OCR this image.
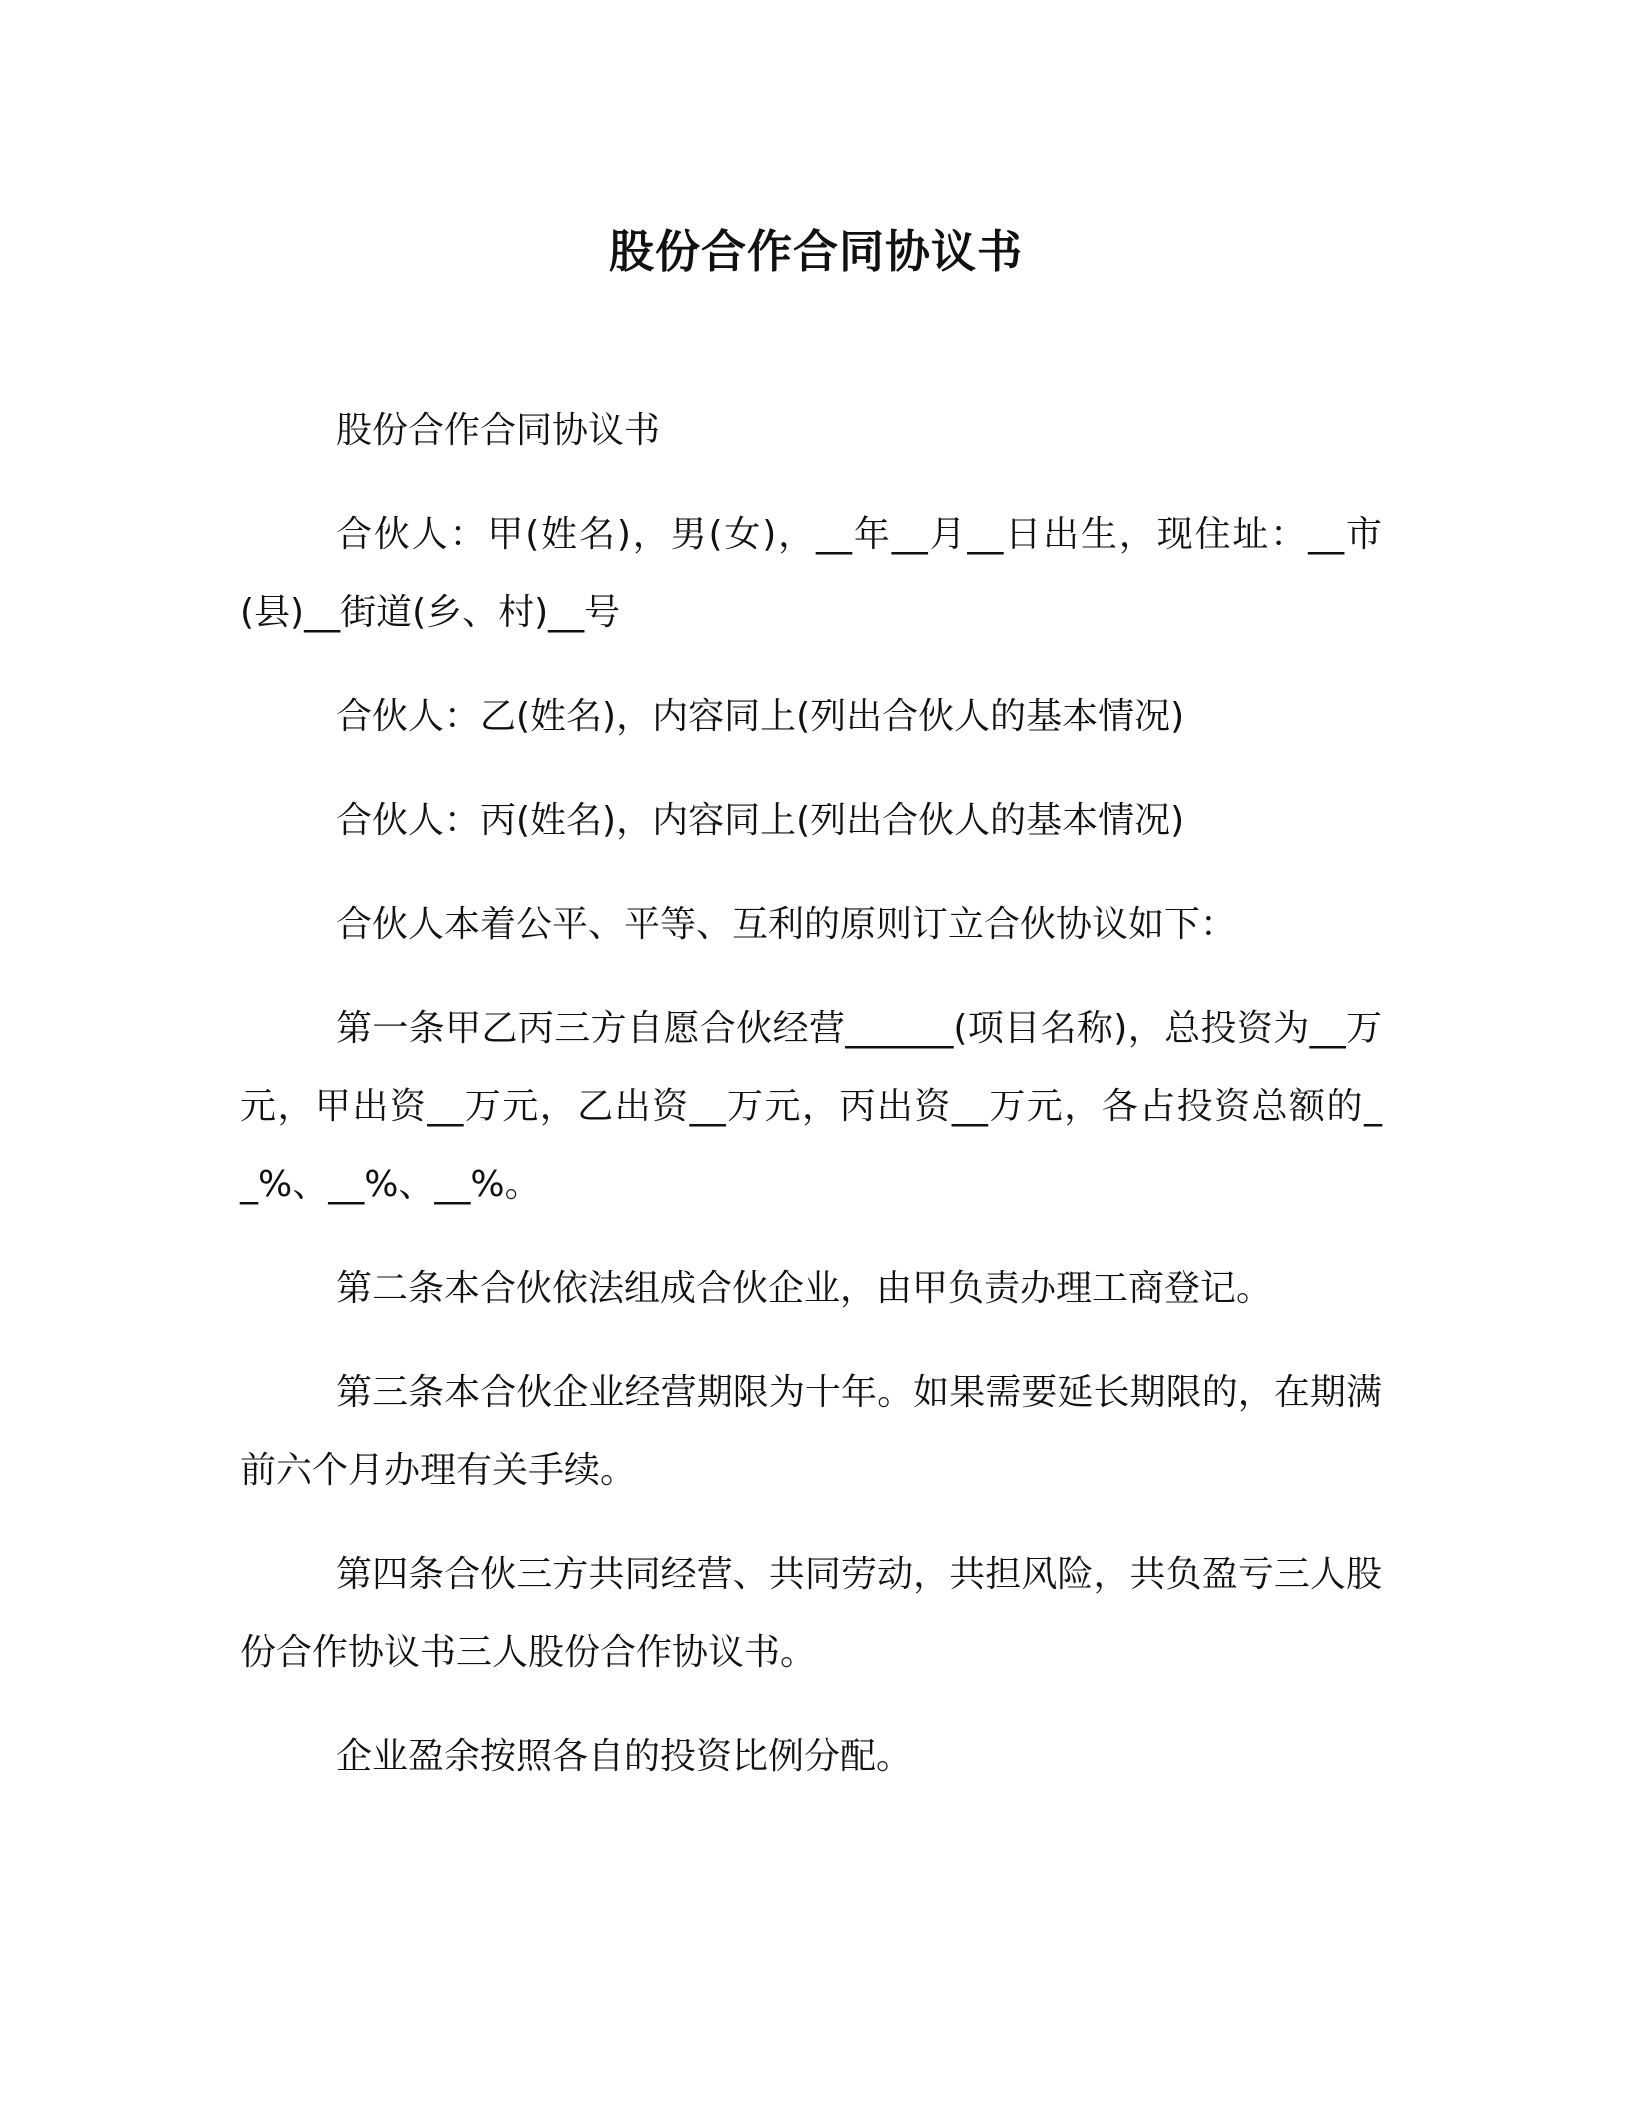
股份合作合同协议书

股份合作合同协议书

合伙人：甲(姓名)，男(女)，__年__月__日出生，现住址：__市(县)__街道(乡、村)__号

合伙人：乙(姓名)，内容同上(列出合伙人的基本情况)

合伙人：丙(姓名)，内容同上(列出合伙人的基本情况)

合伙人本着公平、平等、互利的原则订立合伙协议如下：

第一条甲乙丙三方自愿合伙经营______(项目名称)，总投资为__万元，甲出资__万元，乙出资__万元，丙出资__万元，各占投资总额的__%、__%、__%。

第二条本合伙依法组成合伙企业，由甲负责办理工商登记。

第三条本合伙企业经营期限为十年。如果需要延长期限的，在期满前六个月办理有关手续。

第四条合伙三方共同经营、共同劳动，共担风险，共负盈亏三人股份合作协议书三人股份合作协议书。

企业盈余按照各自的投资比例分配。
